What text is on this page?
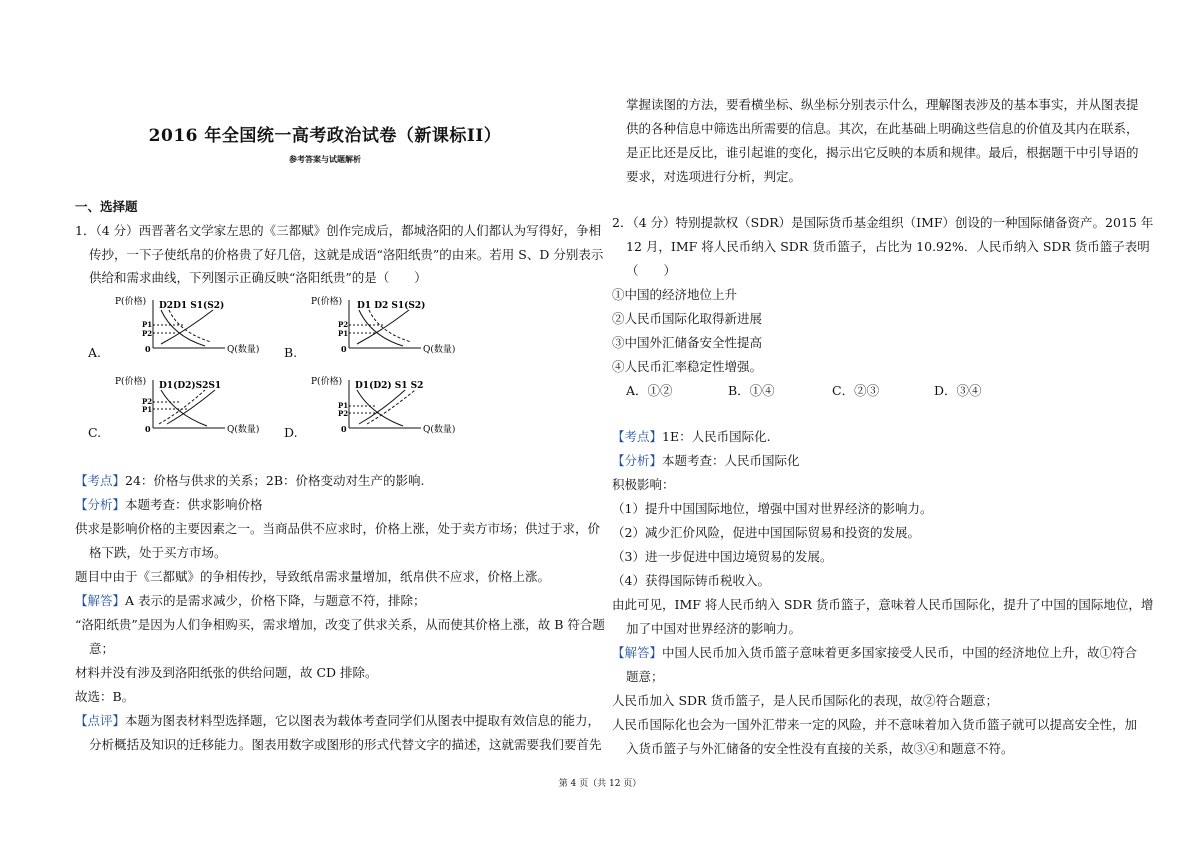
2016 年全国统一高考政治试卷（新课标II）
参考答案与试题解析
一、选择题
1．（4 分）西晋著名文学家左思的《三都赋》创作完成后，都城洛阳的人们都认为写得好，争相
传抄，一下子使纸帛的价格贵了好几倍，这就是成语“洛阳纸贵”的由来。若用 S、D 分别表示
供给和需求曲线，下列图示正确反映“洛阳纸贵”的是（　　）
A.	B.
C.	D.
P(价格) D2D1 S1(S2)
Q(数量)
0
P1
P2
P(价格) D1 D2 S1(S2)
Q(数量)
0
P2
P1
P(价格) D1(D2)S2S1
Q(数量)
0
P2
P1
P(价格) D1(D2) S1 S2
Q(数量)
0
P1
P2
【考点】24：价格与供求的关系；2B：价格变动对生产的影响.
【分析】本题考查：供求影响价格
供求是影响价格的主要因素之一。当商品供不应求时，价格上涨，处于卖方市场；供过于求，价
格下跌，处于买方市场。
题目中由于《三都赋》的争相传抄，导致纸帛需求量增加，纸帛供不应求，价格上涨。
【解答】A 表示的是需求减少，价格下降，与题意不符，排除；
“洛阳纸贵”是因为人们争相购买，需求增加，改变了供求关系，从而使其价格上涨，故 B 符合题
意；
材料并没有涉及到洛阳纸张的供给问题，故 CD 排除。
故选：B。
【点评】本题为图表材料型选择题，它以图表为载体考查同学们从图表中提取有效信息的能力，
分析概括及知识的迁移能力。图表用数字或图形的形式代替文字的描述，这就需要我们要首先
掌握读图的方法，要看横坐标、纵坐标分别表示什么，理解图表涉及的基本事实，并从图表提
供的各种信息中筛选出所需要的信息。其次，在此基础上明确这些信息的价值及其内在联系，
是正比还是反比，谁引起谁的变化，揭示出它反映的本质和规律。最后，根据题干中引导语的
要求，对选项进行分析，判定。
2．（4 分）特别提款权（SDR）是国际货币基金组织（IMF）创设的一种国际储备资产。2015 年
12 月，IMF 将人民币纳入 SDR 货币篮子，占比为 10.92%．人民币纳入 SDR 货币篮子表明
（　　）
①中国的经济地位上升
②人民币国际化取得新进展
③中国外汇储备安全性提高
④人民币汇率稳定性增强。
A．①②	B．①④	C．②③	D．③④
【考点】1E：人民币国际化.
【分析】本题考查：人民币国际化
积极影响：
（1）提升中国国际地位，增强中国对世界经济的影响力。
（2）减少汇价风险，促进中国国际贸易和投资的发展。
（3）进一步促进中国边境贸易的发展。
（4）获得国际铸币税收入。
由此可见，IMF 将人民币纳入 SDR 货币篮子，意味着人民币国际化，提升了中国的国际地位，增
加了中国对世界经济的影响力。
【解答】中国人民币加入货币篮子意味着更多国家接受人民币，中国的经济地位上升，故①符合
题意；
人民币加入 SDR 货币篮子，是人民币国际化的表现，故②符合题意；
人民币国际化也会为一国外汇带来一定的风险，并不意味着加入货币篮子就可以提高安全性，加
入货币篮子与外汇储备的安全性没有直接的关系，故③④和题意不符。
第 4 页（共 12 页）
